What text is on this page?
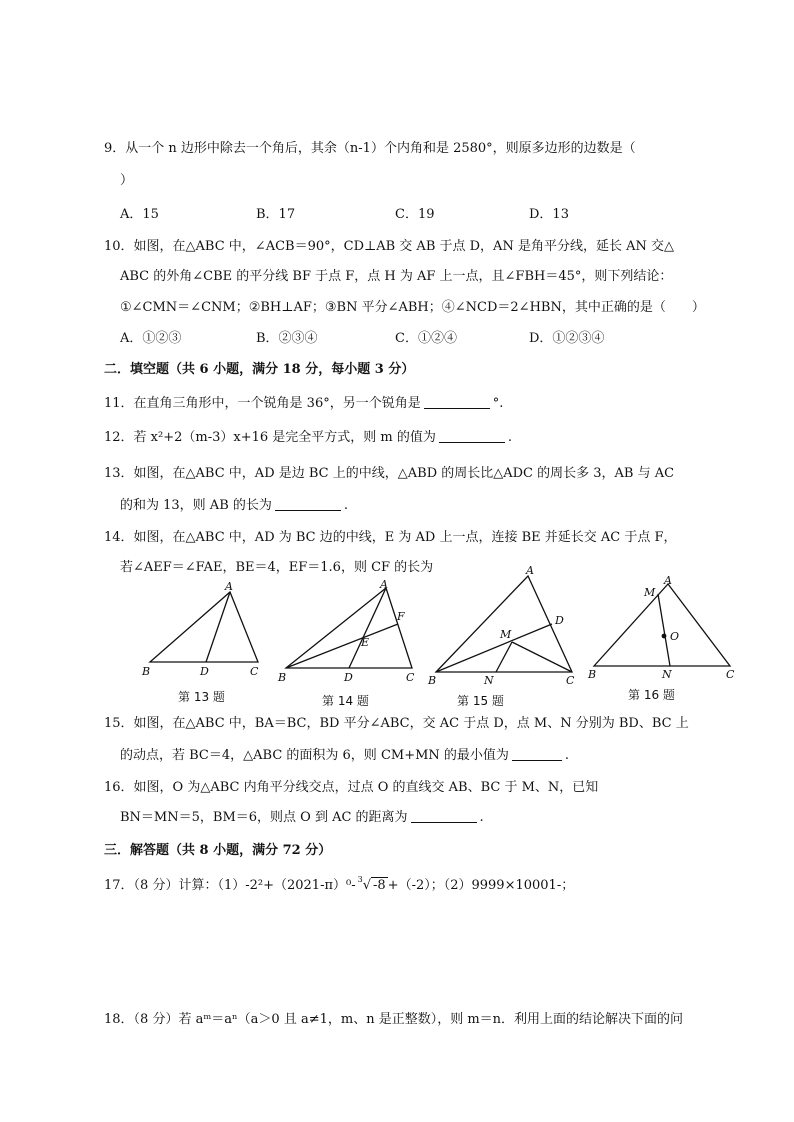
9．从一个 n 边形中除去一个角后，其余（n-1）个内角和是 2580°，则原多边形的边数是（
）
A．15	B．17	C．19	D．13
10．如图，在△ABC 中，∠ACB＝90°，CD⊥AB 交 AB 于点 D，AN 是角平分线，延长 AN 交△
ABC 的外角∠CBE 的平分线 BF 于点 F，点 H 为 AF 上一点，且∠FBH＝45°，则下列结论：
①∠CMN＝∠CNM；②BH⊥AF；③BN 平分∠ABH；④∠NCD＝2∠HBN，其中正确的是（　　）
A．①②③	B．②③④	C．①②④	D．①②③④
二．填空题（共 6 小题，满分 18 分，每小题 3 分）
11．在直角三角形中，一个锐角是 36°，另一个锐角是	°.
12．若 x²+2（m-3）x+16 是完全平方式，则 m 的值为	.
13．如图，在△ABC 中，AD 是边 BC 上的中线，△ABD 的周长比△ADC 的周长多 3，AB 与 AC
的和为 13，则 AB 的长为	.
14．如图，在△ABC 中，AD 为 BC 边的中线，E 为 AD 上一点，连接 BE 并延长交 AC 于点 F，
若∠AEF＝∠FAE，BE＝4，EF＝1.6，则 CF 的长为
A
B	D	C
第 13 题
A
F
E
B	D	C
第 14 题
A
D
M
B	N	C
第 15 题
A
M
O
B	N	C
第 16 题
15．如图，在△ABC 中，BA＝BC，BD 平分∠ABC，交 AC 于点 D，点 M、N 分别为 BD、BC 上
的动点，若 BC＝4，△ABC 的面积为 6，则 CM+MN 的最小值为	.
16．如图，O 为△ABC 内角平分线交点，过点 O 的直线交 AB、BC 于 M、N，已知
BN＝MN＝5，BM＝6，则点 O 到 AC 的距离为	.
三．解答题（共 8 小题，满分 72 分）
17．（8 分）计算：（1）-2²+（2021-π）⁰- $^3$√ -8 +（-2）；（2）9999×10001-；
18．（8 分）若 aᵐ＝aⁿ（a＞0 且 a≠1，m、n 是正整数），则 m＝n．利用上面的结论解决下面的问
